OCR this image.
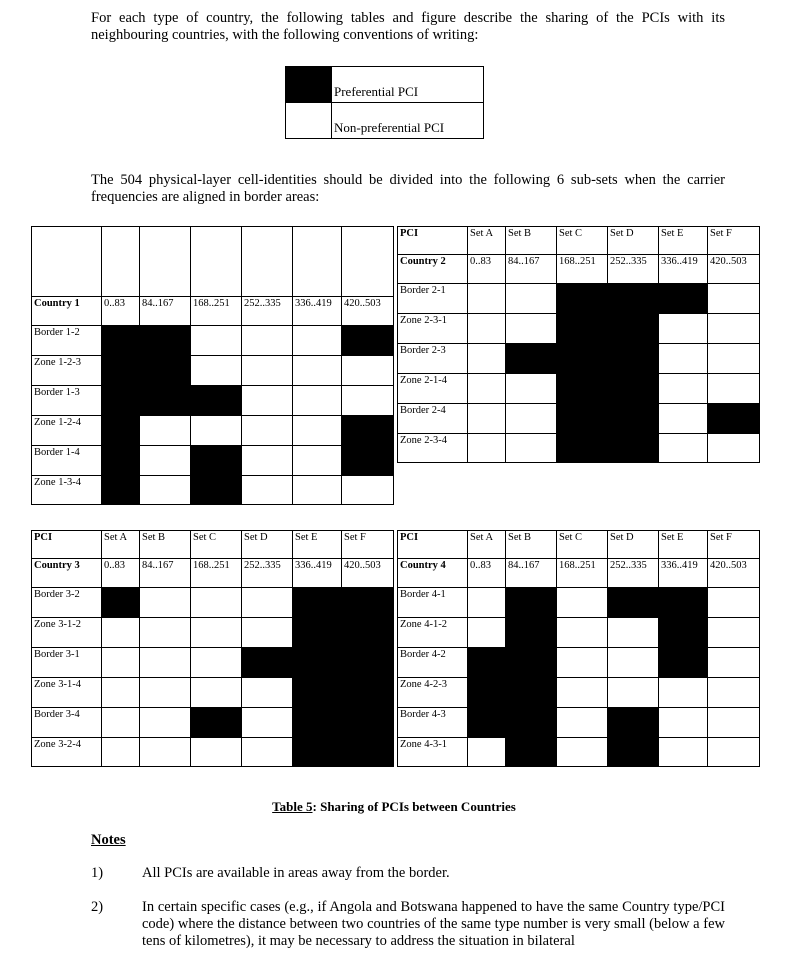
For each type of country, the following tables and figure describe the sharing of the PCIs with its neighbouring countries, with the following conventions of writing:
	Preferential PCI
	Non-preferential PCI
The 504 physical-layer cell-identities should be divided into the following 6 sub-sets when the carrier frequencies are aligned in border areas:

Country 1	0..83	84..167	168..251	252..335	336..419	420..503
Border 1-2						
Zone 1-2-3						
Border 1-3						
Zone 1-2-4						
Border 1-4						
Zone 1-3-4						
PCI	Set A	Set B	Set C	Set D	Set E	Set F
Country 2	0..83	84..167	168..251	252..335	336..419	420..503
Border 2-1						
Zone 2-3-1						
Border 2-3						
Zone 2-1-4						
Border 2-4						
Zone 2-3-4						
PCI	Set A	Set B	Set C	Set D	Set E	Set F
Country 3	0..83	84..167	168..251	252..335	336..419	420..503
Border 3-2						
Zone 3-1-2						
Border 3-1						
Zone 3-1-4						
Border 3-4						
Zone 3-2-4						
PCI	Set A	Set B	Set C	Set D	Set E	Set F
Country 4	0..83	84..167	168..251	252..335	336..419	420..503
Border 4-1						
Zone 4-1-2						
Border 4-2						
Zone 4-2-3						
Border 4-3						
Zone 4-3-1						
Table 5: Sharing of PCIs between Countries
Notes
1)	All PCIs are available in areas away from the border.
2)	In certain specific cases (e.g., if Angola and Botswana happened to have the same Country type/PCI code) where the distance between two countries of the same type number is very small (below a few tens of kilometres), it may be necessary to address the situation in bilateral
